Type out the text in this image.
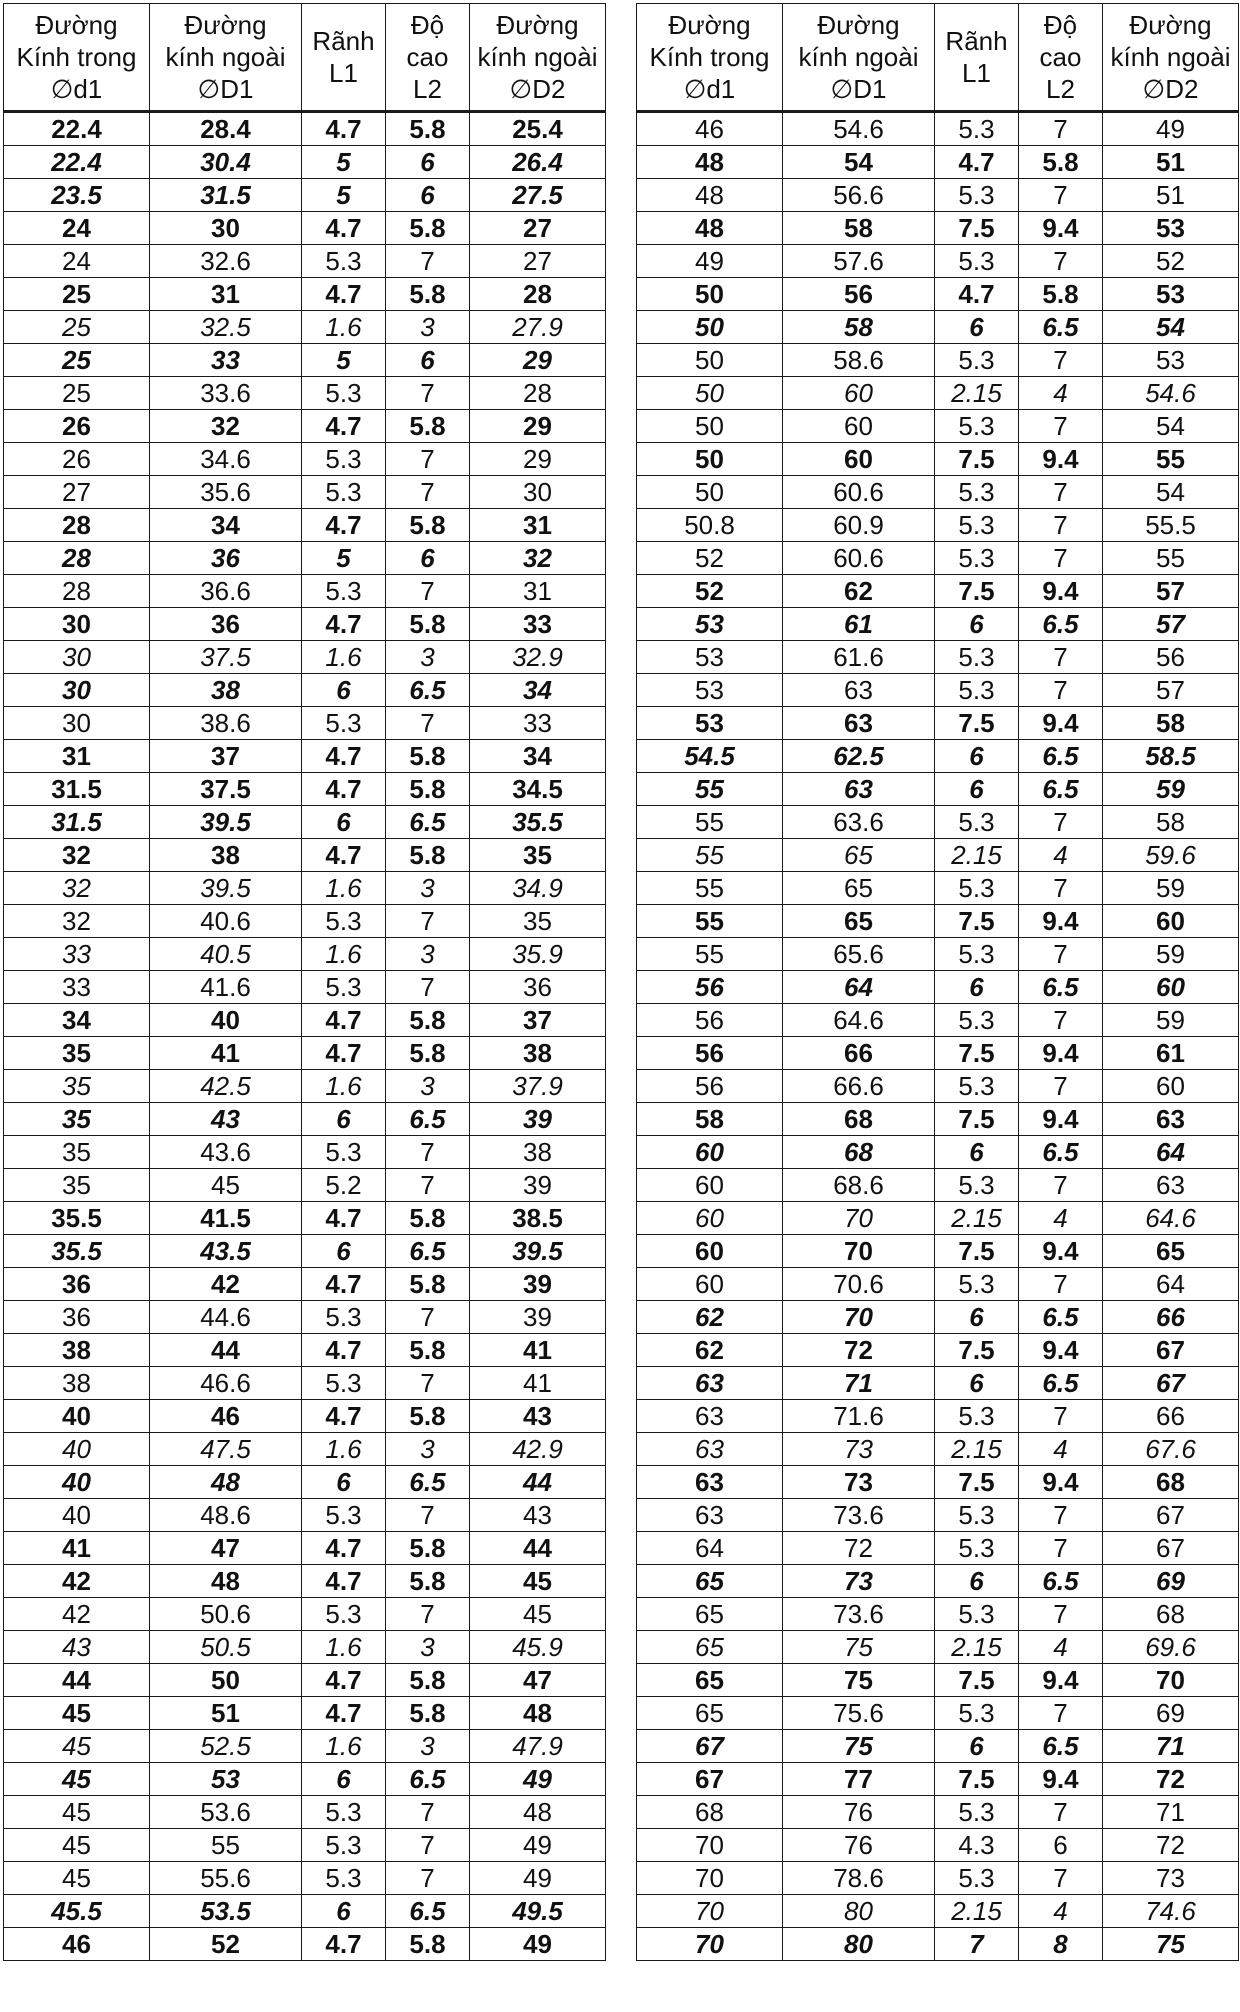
Đường
Kính trong
∅d1	Đường
kính ngoài
∅D1	Rãnh
L1	Độ
cao
L2	Đường
kính ngoài
∅D2

22.4	28.4	4.7	5.8	25.4
22.4	30.4	5	6	26.4
23.5	31.5	5	6	27.5
24	30	4.7	5.8	27
24	32.6	5.3	7	27
25	31	4.7	5.8	28
25	32.5	1.6	3	27.9
25	33	5	6	29
25	33.6	5.3	7	28
26	32	4.7	5.8	29
26	34.6	5.3	7	29
27	35.6	5.3	7	30
28	34	4.7	5.8	31
28	36	5	6	32
28	36.6	5.3	7	31
30	36	4.7	5.8	33
30	37.5	1.6	3	32.9
30	38	6	6.5	34
30	38.6	5.3	7	33
31	37	4.7	5.8	34
31.5	37.5	4.7	5.8	34.5
31.5	39.5	6	6.5	35.5
32	38	4.7	5.8	35
32	39.5	1.6	3	34.9
32	40.6	5.3	7	35
33	40.5	1.6	3	35.9
33	41.6	5.3	7	36
34	40	4.7	5.8	37
35	41	4.7	5.8	38
35	42.5	1.6	3	37.9
35	43	6	6.5	39
35	43.6	5.3	7	38
35	45	5.2	7	39
35.5	41.5	4.7	5.8	38.5
35.5	43.5	6	6.5	39.5
36	42	4.7	5.8	39
36	44.6	5.3	7	39
38	44	4.7	5.8	41
38	46.6	5.3	7	41
40	46	4.7	5.8	43
40	47.5	1.6	3	42.9
40	48	6	6.5	44
40	48.6	5.3	7	43
41	47	4.7	5.8	44
42	48	4.7	5.8	45
42	50.6	5.3	7	45
43	50.5	1.6	3	45.9
44	50	4.7	5.8	47
45	51	4.7	5.8	48
45	52.5	1.6	3	47.9
45	53	6	6.5	49
45	53.6	5.3	7	48
45	55	5.3	7	49
45	55.6	5.3	7	49
45.5	53.5	6	6.5	49.5
46	52	4.7	5.8	49
Đường
Kính trong
∅d1	Đường
kính ngoài
∅D1	Rãnh
L1	Độ
cao
L2	Đường
kính ngoài
∅D2

46	54.6	5.3	7	49
48	54	4.7	5.8	51
48	56.6	5.3	7	51
48	58	7.5	9.4	53
49	57.6	5.3	7	52
50	56	4.7	5.8	53
50	58	6	6.5	54
50	58.6	5.3	7	53
50	60	2.15	4	54.6
50	60	5.3	7	54
50	60	7.5	9.4	55
50	60.6	5.3	7	54
50.8	60.9	5.3	7	55.5
52	60.6	5.3	7	55
52	62	7.5	9.4	57
53	61	6	6.5	57
53	61.6	5.3	7	56
53	63	5.3	7	57
53	63	7.5	9.4	58
54.5	62.5	6	6.5	58.5
55	63	6	6.5	59
55	63.6	5.3	7	58
55	65	2.15	4	59.6
55	65	5.3	7	59
55	65	7.5	9.4	60
55	65.6	5.3	7	59
56	64	6	6.5	60
56	64.6	5.3	7	59
56	66	7.5	9.4	61
56	66.6	5.3	7	60
58	68	7.5	9.4	63
60	68	6	6.5	64
60	68.6	5.3	7	63
60	70	2.15	4	64.6
60	70	7.5	9.4	65
60	70.6	5.3	7	64
62	70	6	6.5	66
62	72	7.5	9.4	67
63	71	6	6.5	67
63	71.6	5.3	7	66
63	73	2.15	4	67.6
63	73	7.5	9.4	68
63	73.6	5.3	7	67
64	72	5.3	7	67
65	73	6	6.5	69
65	73.6	5.3	7	68
65	75	2.15	4	69.6
65	75	7.5	9.4	70
65	75.6	5.3	7	69
67	75	6	6.5	71
67	77	7.5	9.4	72
68	76	5.3	7	71
70	76	4.3	6	72
70	78.6	5.3	7	73
70	80	2.15	4	74.6
70	80	7	8	75
